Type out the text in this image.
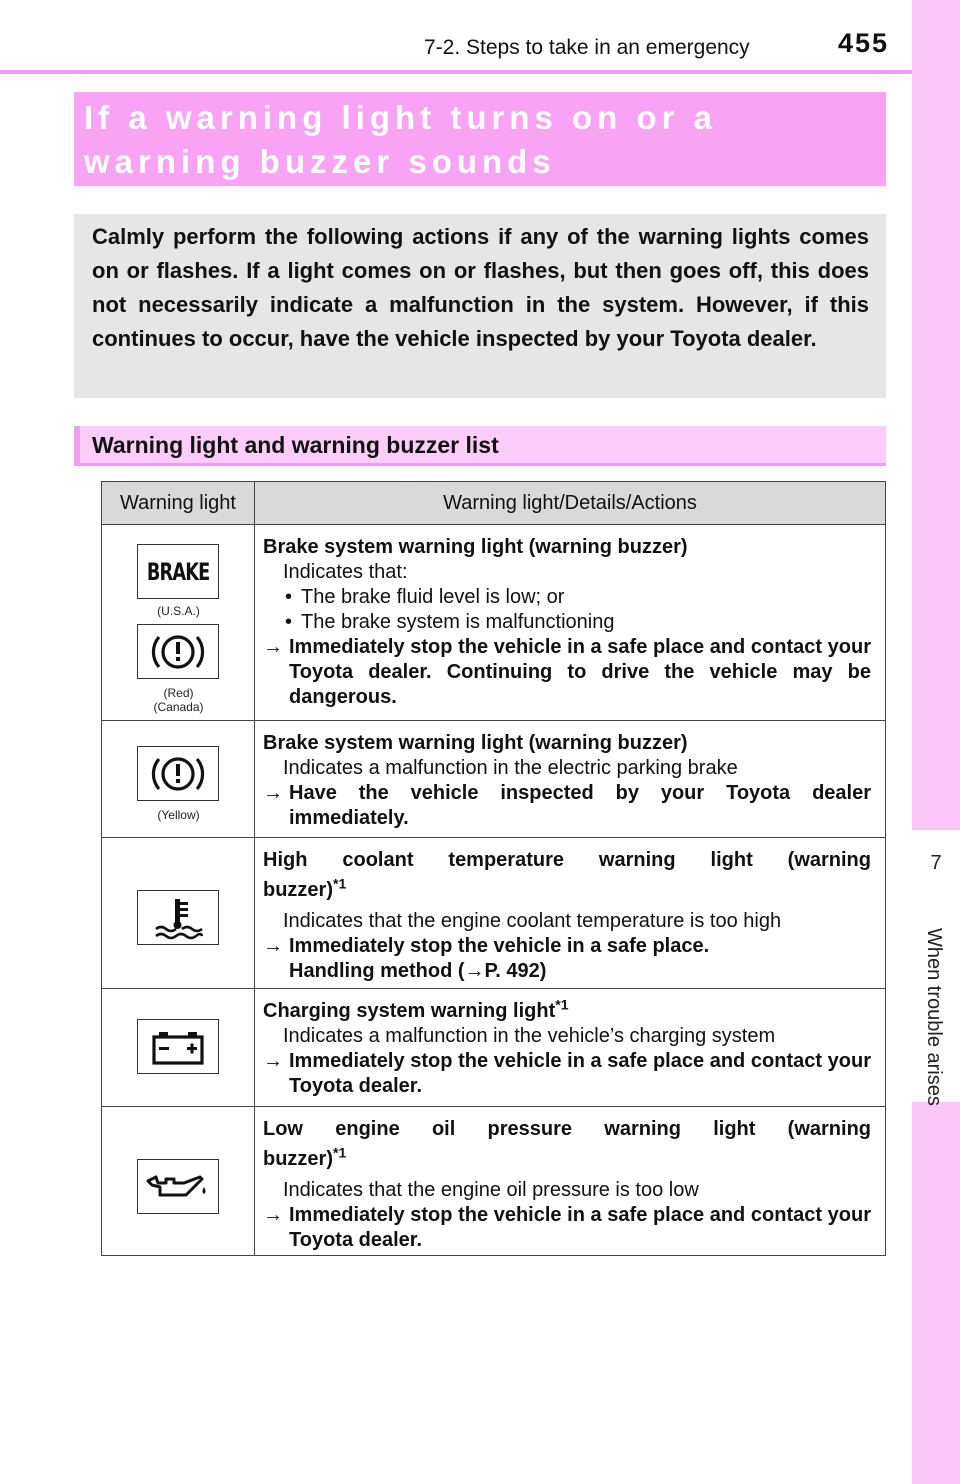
7-2. Steps to take in an emergency	455
7
When trouble arises
If a warning light turns on or a warning buzzer sounds
Calmly perform the following actions if any of the warning lights comes on or flashes. If a light comes on or flashes, but then goes off, this does not necessarily indicate a malfunction in the system. However, if this continues to occur, have the vehicle inspected by your Toyota dealer.
Warning light and warning buzzer list
Warning light	Warning light/Details/Actions
BRAKE
(U.S.A.)
(Red)
(Canada)
Brake system warning light (warning buzzer)
Indicates that:
• The brake fluid level is low; or
• The brake system is malfunctioning
→ Immediately stop the vehicle in a safe place and contact your Toyota dealer. Continuing to drive the vehicle may be dangerous.
(Yellow)
Brake system warning light (warning buzzer)
Indicates a malfunction in the electric parking brake
→ Have the vehicle inspected by your Toyota dealer immediately.
High coolant temperature warning light (warning
buzzer)$^{*1}$
Indicates that the engine coolant temperature is too high
→ Immediately stop the vehicle in a safe place.
Handling method (→P. 492)
Charging system warning light$^{*1}$
Indicates a malfunction in the vehicle’s charging system
→ Immediately stop the vehicle in a safe place and contact your Toyota dealer.
Low engine oil pressure warning light (warning
buzzer)$^{*1}$
Indicates that the engine oil pressure is too low
→ Immediately stop the vehicle in a safe place and contact your Toyota dealer.
